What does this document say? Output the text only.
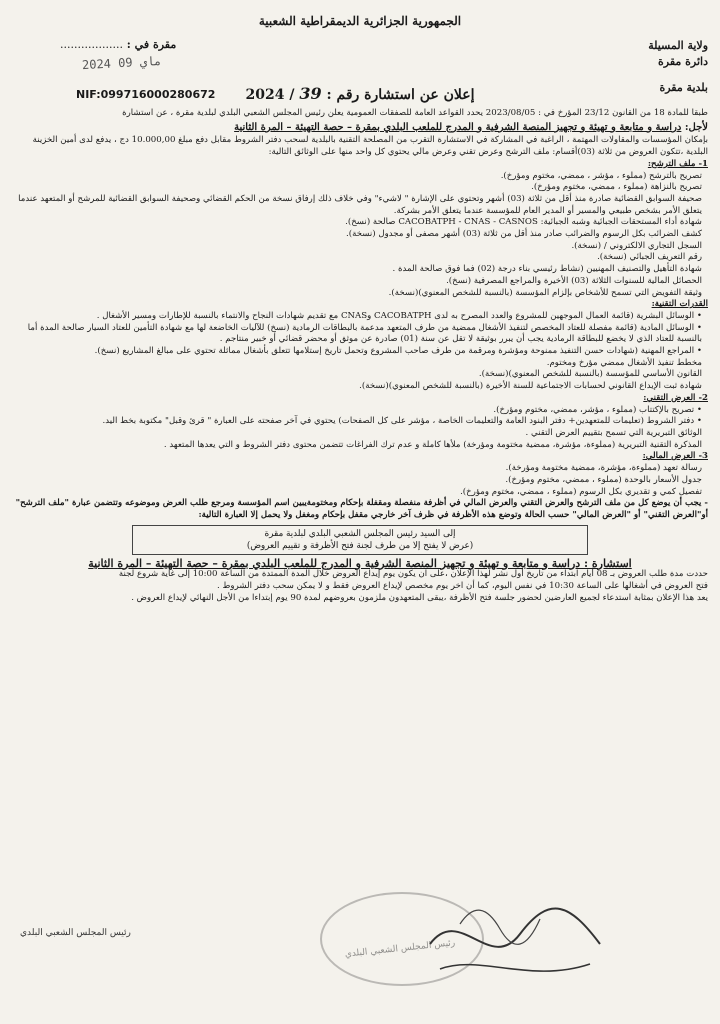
الجمهورية الجزائرية الديمقراطية الشعبية
ولاية المسيلة
دائرة مقرة
بلدية مقرة
مقرة في : ..................
2024 ماي 09
NIF:099716000280672	إعلان عن استشارة رقم : 39 / 2024

طبقا للمادة 18 من القانون 23/12 المؤرخ في : 2023/08/05 يحدد القواعد العامة للصفقات العمومية يعلن رئيس المجلس الشعبي البلدي لبلدية مقرة ، عن استشارة

لأجل: دراسة و متابعة و تهيئة و تجهيز المنصة الشرفية و المدرج للملعب البلدي بمقرة – حصة التهيئة – المرة الثانية

بإمكان المؤسسات والمقاولات المهتمة ، الراغبة في المشاركة في الاستشارة التقرب من المصلحة التقنية بالبلدية لسحب دفتر الشروط مقابل دفع مبلغ 10.000,00 دج ، يدفع لدى أمين الخزينة البلدية ،تتكون العروض من ثلاثة (03)أقسام: ملف الترشح وعرض تقني وعرض مالي يحتوي كل واحد منها على الوثائق التالية:

1- ملف الترشح:

تصريح بالترشح (مملوء ، مؤشر ، ممضي، مختوم ومؤرخ).

تصريح بالنزاهة (مملوء ، ممضي، مختوم ومؤرخ).

صحيفة السوابق القضائية صادرة منذ أقل من ثلاثة (03) أشهر وتحتوي على الإشارة " لاشيء" وفي خلاف ذلك إرفاق نسخة من الحكم القضائي وصحيفة السوابق القضائية للمرشح أو المتعهد عندما يتعلق الأمر بشخص طبيعي والمسير أو المدير العام للمؤسسة عندما يتعلق الأمر بشركة.

شهادة أداء المستحقات الجبائية وشبه الجبائية: CACOBATPH - CNAS - CASNOS صالحة (نسخ).

كشف الضرائب بكل الرسوم والضرائب صادر منذ أقل من ثلاثة (03) أشهر مصفى أو مجدول (نسخة).

السجل التجاري الالكتروني / (نسخة).

رقم التعريف الجبائي (نسخة).

شهادة التأهيل والتصنيف المهنيين (نشاط رئيسي بناء درجة (02) فما فوق صالحة المدة .

الحصائل المالية للسنوات الثلاثة (03) الأخيرة والمراجع المصرفية (نسخ).

وثيقة التفويض التي تسمح للأشخاص بإلزام المؤسسة (بالنسبة للشخص المعنوي)(نسخة).

القدرات التقنية:

• الوسائل البشرية (قائمة العمال الموجهين للمشروع والعدد المصرح به لدى CACOBATPH وCNAS مع تقديم شهادات النجاح والانتماء بالنسبة للإطارات ومسير الأشغال .

• الوسائل المادية (قائمة مفصلة للعتاد المخصص لتنفيذ الأشغال ممضية من طرف المتعهد مدعمة بالبطاقات الرمادية (نسخ) للآليات الخاضعة لها مع شهادة التأمين للعتاد السيار صالحة المدة أما بالنسبة للعتاد الذي لا يخضع للبطاقة الرمادية يجب أن يبرر بوثيقة لا تقل عن سنة (01) صادرة عن موثق أو محضر قضائي أو خبير منتاجم .

• المراجع المهنية (شهادات حسن التنفيذ ممنوحة ومؤشرة ومرقمة من طرف صاحب المشروع وتحمل تاريخ إستلامها تتعلق بأشغال مماثلة تحتوي على مبالغ المشاريع (نسخ).

مخطط تنفيذ الأشغال ممضي مؤرخ ومختوم.

القانون الأساسي للمؤسسة (بالنسبة للشخص المعنوي)(نسخة).

شهادة ثبت الإيداع القانوني لحسابات الاجتماعية للسنة الأخيرة (بالنسبة للشخص المعنوي)(نسخة).

2- العرض التقني:

• تصريح بالإكتتاب (مملوء ، مؤشر، ممضي، مختوم ومؤرخ).

• دفتر الشروط (تعليمات للمتعهدين+ دفتر البنود العامة والتعليمات الخاصة ، مؤشر على كل الصفحات) يحتوي في آخر صفحته على العبارة " قرئ وقبل" مكتوبة بخط اليد.

الوثائق التبريرية التي تسمح بتقييم العرض التقني .

المذكرة التقنية التبريرية (مملوءة، مؤشرة، ممضية مختومة ومؤرخة) ملأها كاملة و عدم ترك الفراغات تتضمن محتوى دفتر الشروط و التي يعدها المتعهد .

3- العرض المالي:

رسالة تعهد (مملوءة، مؤشرة، ممضية مختومة ومؤرخة).

جدول الأسعار بالوحدة (مملوء ، ممضي، مختوم ومؤرخ).

تفصيل كمي و تقديري بكل الرسوم (مملوء ، ممضي، مختوم ومؤرخ).

- يجب أن يوضع كل من ملف الترشح والعرض التقني والعرض المالي في أظرفة منفصلة ومقفلة بإحكام ومختومةيبين اسم المؤسسة ومرجع طلب العرض وموضوعه وتتضمن عبارة "ملف الترشح" أو"العرض التقني" أو "العرض المالي" حسب الحالة وتوضع هذه الأظرفة في ظرف آخر خارجي مقفل بإحكام ومغفل ولا يحمل إلا العبارة التالية:

إلى السيد رئيس المجلس الشعبي البلدي لبلدية مقرة
(عرض لا يفتح إلا من طرف لجنة فتح الأظرفة و تقييم العروض)

استشارة : دراسة و متابعة و تهيئة و تجهيز المنصة الشرفية و المدرج للملعب البلدي بمقرة – حصة التهيئة – المرة الثانية

حددت مدة طلب العروض بـ 08 أيام ابتداء من تاريخ أول نشر لهذا الإعلان ،على ان يكون يوم إيداع العروض خلال المدة الممتدة من الساعة 10:00 إلى غاية شروع لجنة

فتح العروض في أشغالها على الساعة 10:30 في نفس اليوم، كما أن اخر يوم مخصص لإيداع العروض فقط و لا يمكن سحب دفتر الشروط .

يعد هذا الإعلان بمثابة استدعاء لجميع العارضين لحضور جلسة فتح الأظرفة ،يبقى المتعهدون ملزمون بعروضهم لمدة 90 يوم إبتداءا من الأجل النهائي لإيداع العروض .

رئيس المجلس الشعبي البلدي
رئيس المجلس الشعبي البلدي
